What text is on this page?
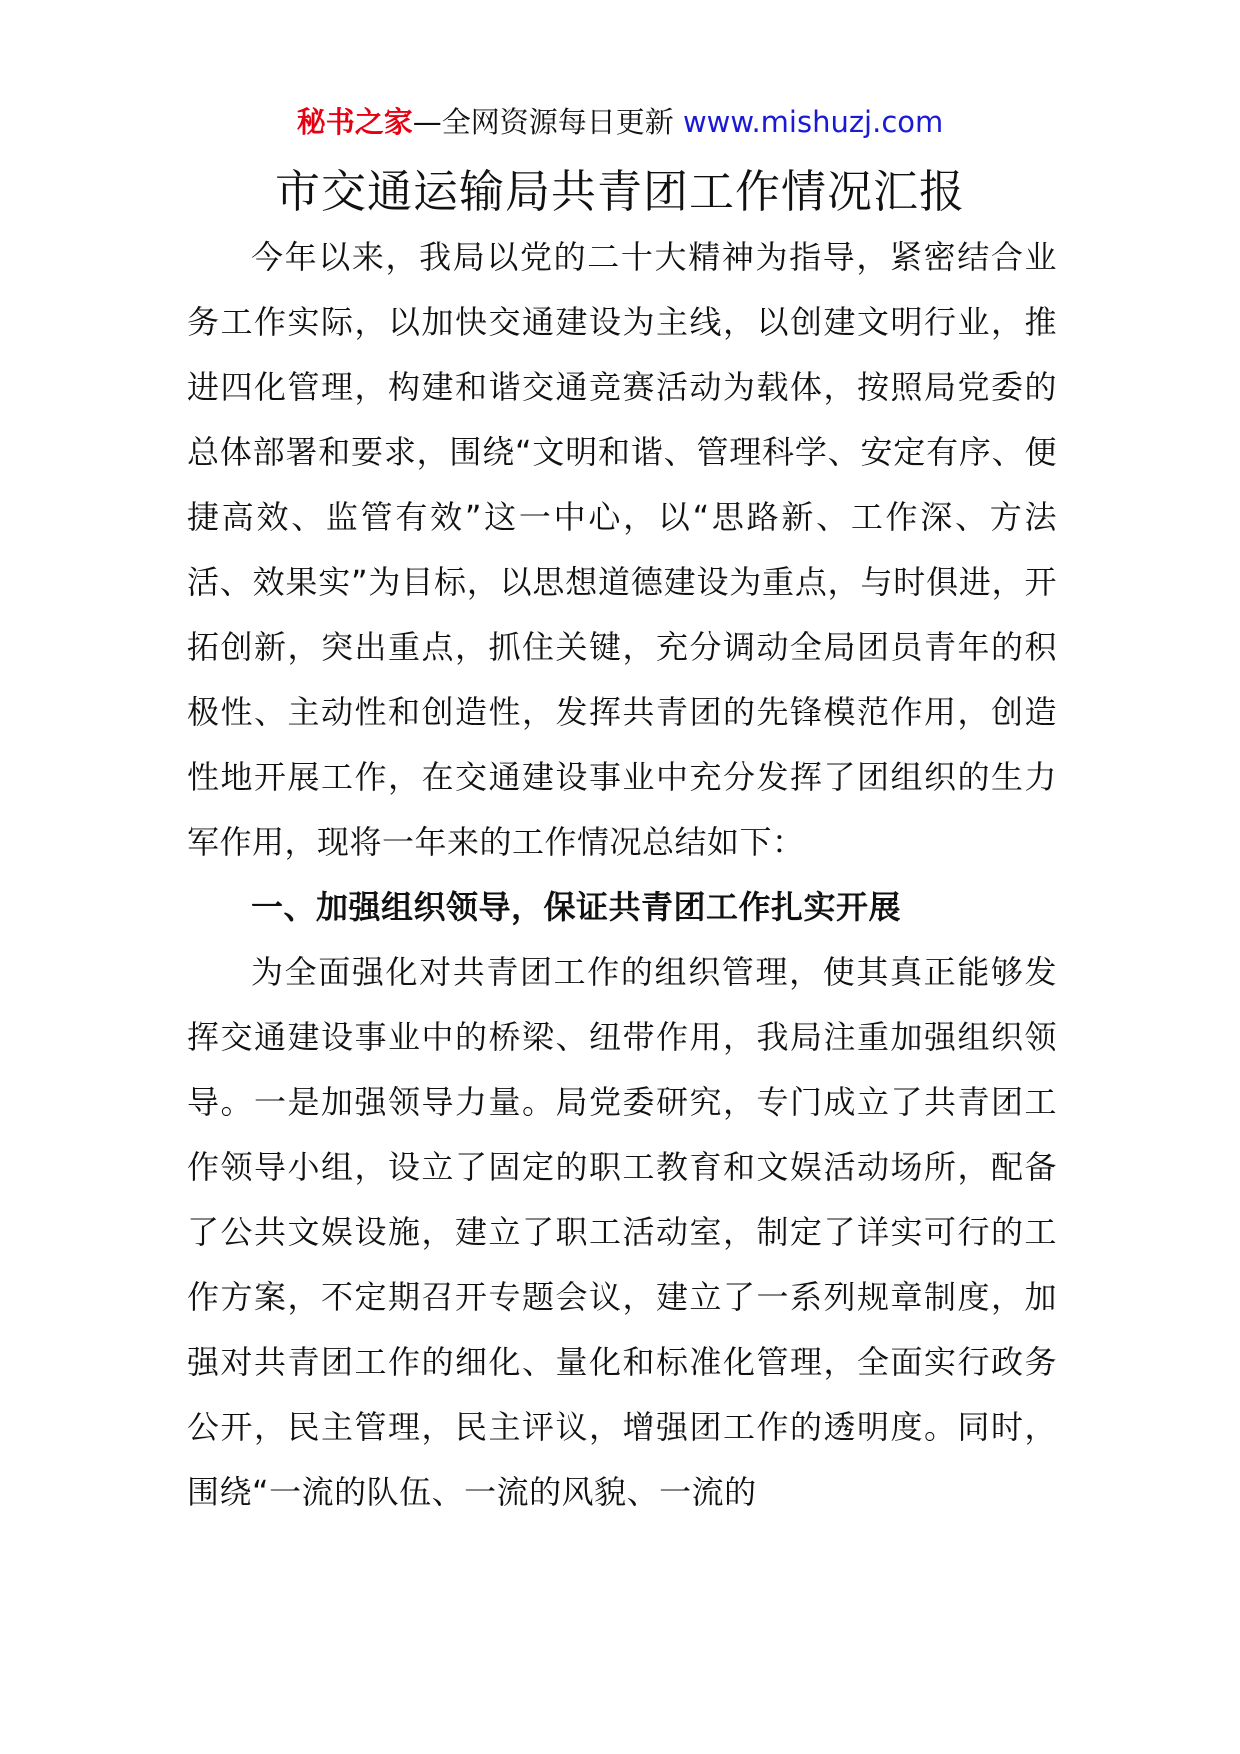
秘书之家—全网资源每日更新 www.mishuzj.com
市交通运输局共青团工作情况汇报

今年以来，我局以党的二十大精神为指导，紧密结合业务工作实际，以加快交通建设为主线，以创建文明行业，推进四化管理，构建和谐交通竞赛活动为载体，按照局党委的总体部署和要求，围绕“文明和谐、管理科学、安定有序、便捷高效、监管有效”这一中心，以“思路新、工作深、方法活、效果实”为目标，以思想道德建设为重点，与时俱进，开拓创新，突出重点，抓住关键，充分调动全局团员青年的积极性、主动性和创造性，发挥共青团的先锋模范作用，创造性地开展工作，在交通建设事业中充分发挥了团组织的生力军作用，现将一年来的工作情况总结如下：

一、加强组织领导，保证共青团工作扎实开展

为全面强化对共青团工作的组织管理，使其真正能够发挥交通建设事业中的桥梁、纽带作用，我局注重加强组织领导。一是加强领导力量。局党委研究，专门成立了共青团工作领导小组，设立了固定的职工教育和文娱活动场所，配备了公共文娱设施，建立了职工活动室，制定了详实可行的工作方案，不定期召开专题会议，建立了一系列规章制度，加强对共青团工作的细化、量化和标准化管理，全面实行政务公开，民主管理，民主评议，增强团工作的透明度。同时，围绕“一流的队伍、一流的风貌、一流的
